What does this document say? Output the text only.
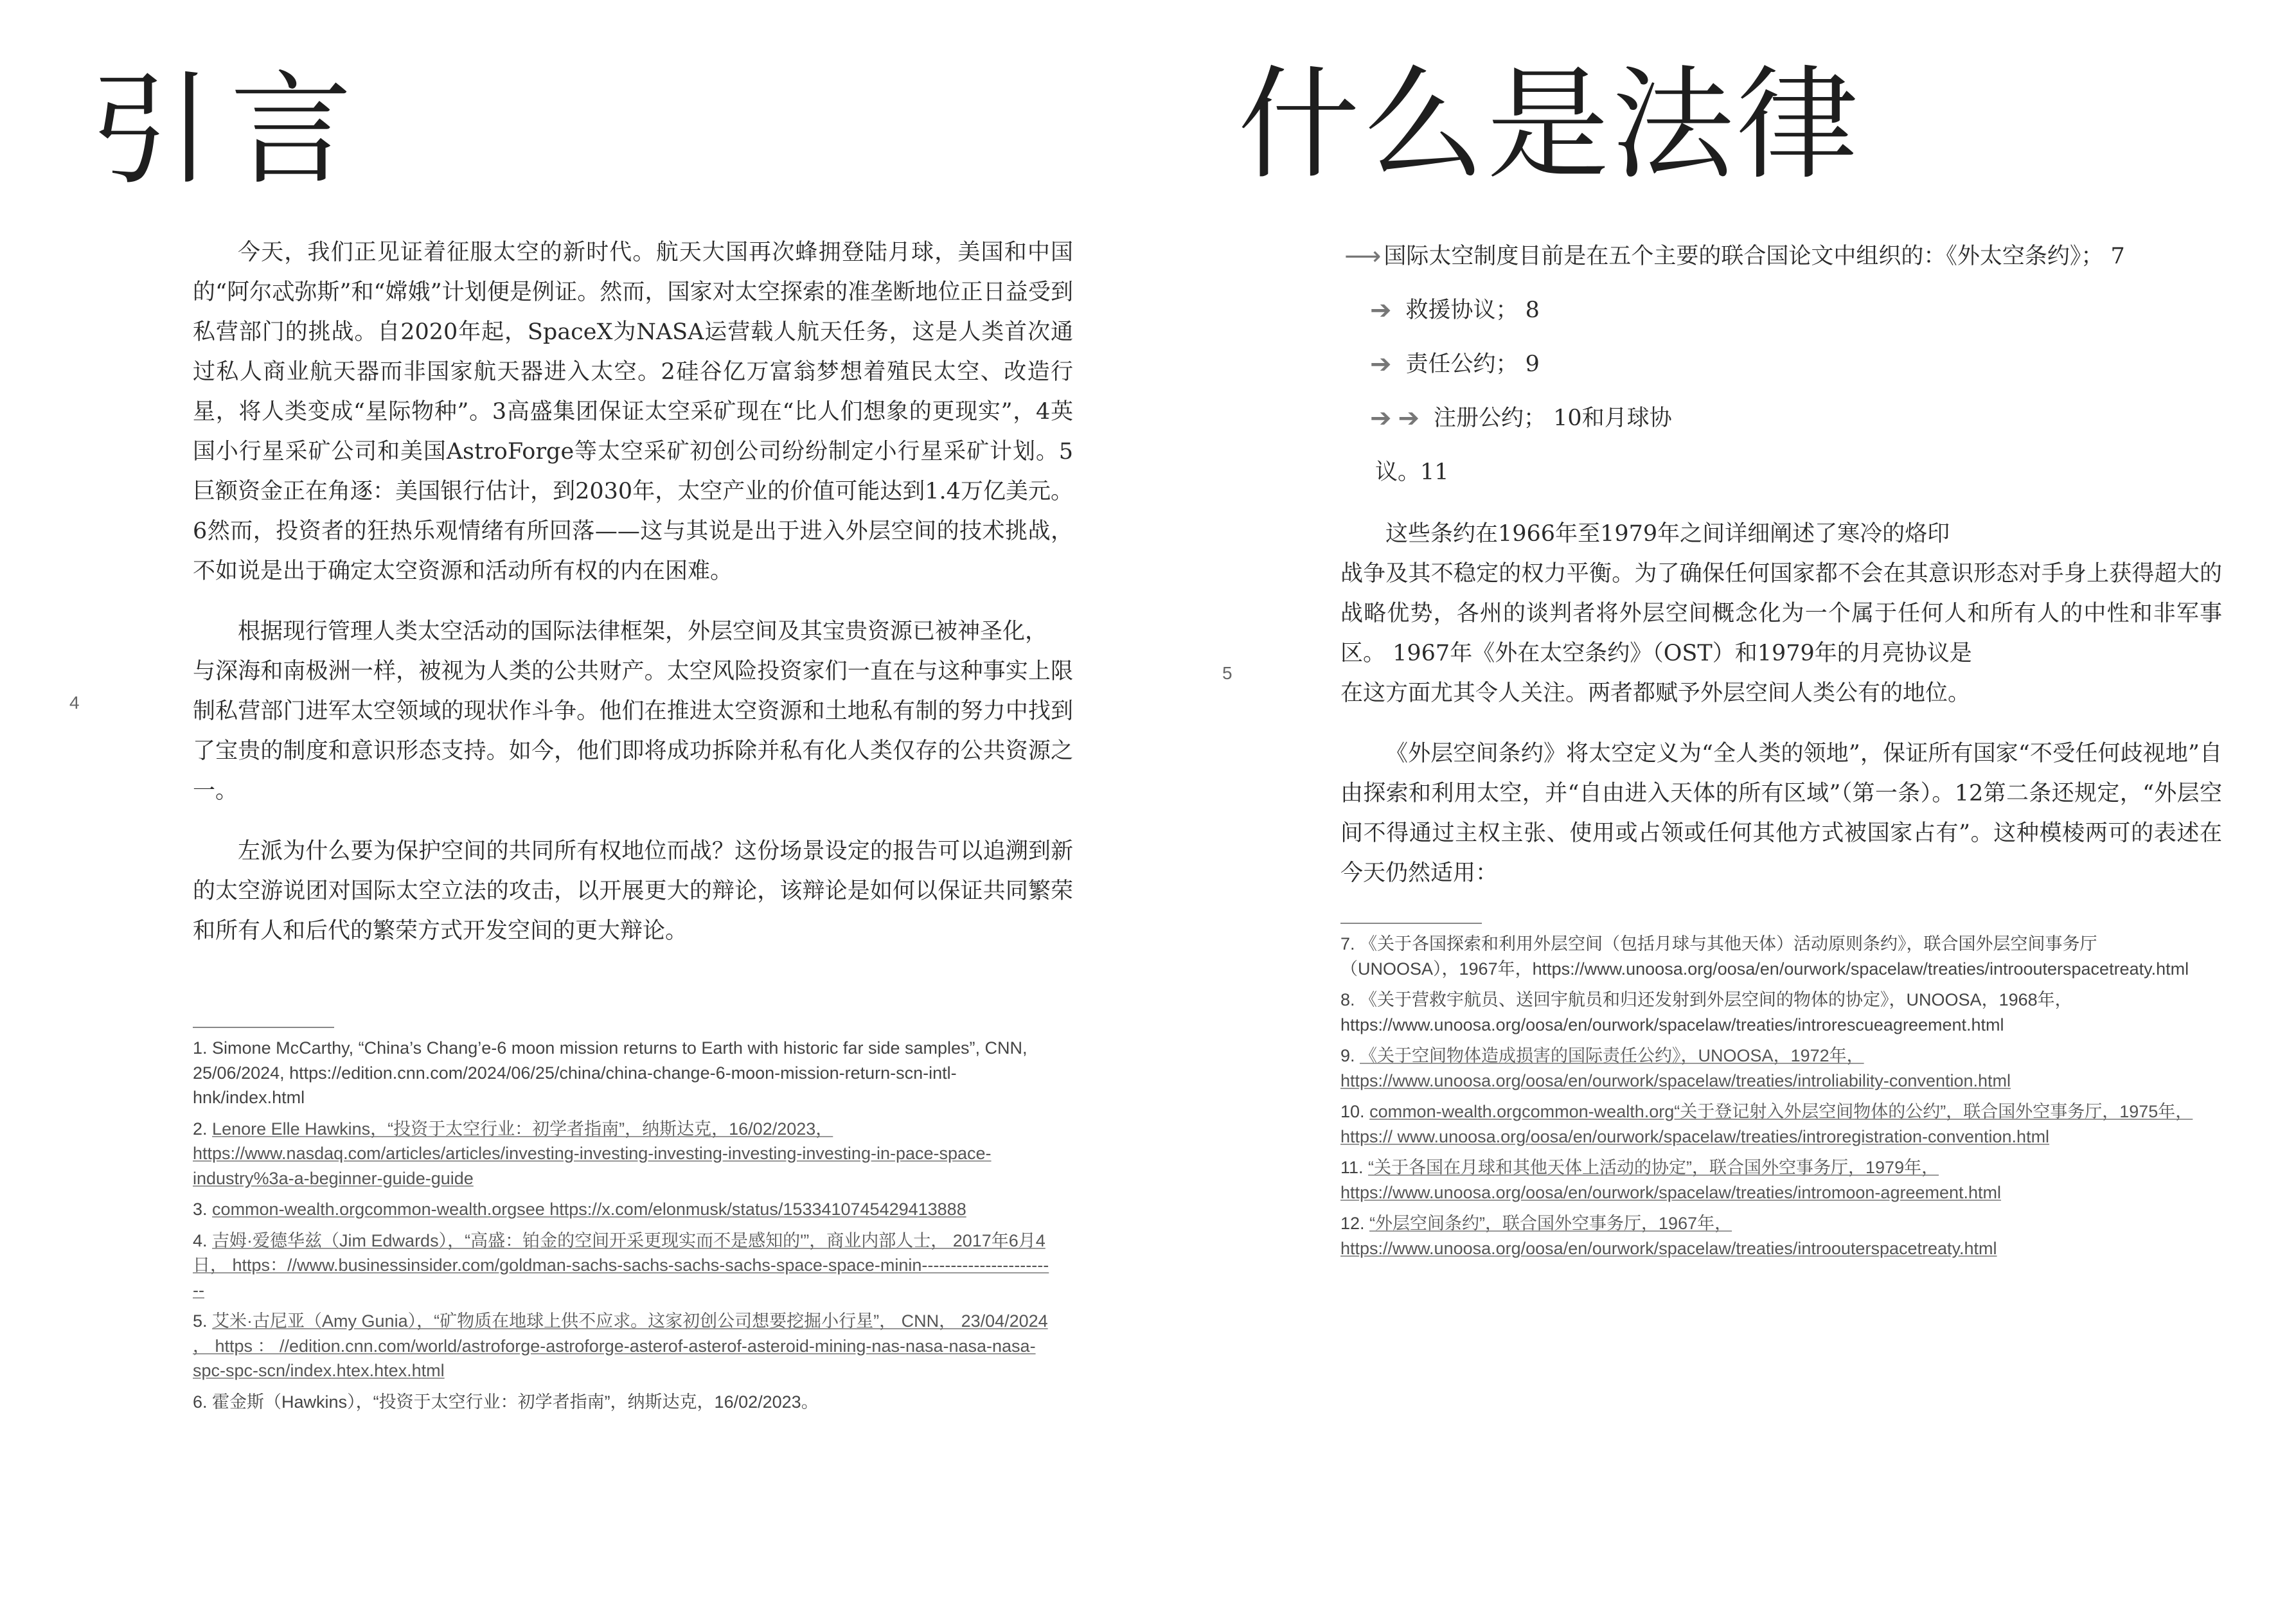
引言
4

今天，我们正见证着征服太空的新时代。航天大国再次蜂拥登陆月球，美国和中国的“阿尔忒弥斯”和“嫦娥”计划便是例证。然而，国家对太空探索的准垄断地位正日益受到私营部门的挑战。自2020年起，SpaceX为NASA运营载人航天任务，这是人类首次通过私人商业航天器而非国家航天器进入太空。2硅谷亿万富翁梦想着殖民太空、改造行星，将人类变成“星际物种”。3高盛集团保证太空采矿现在“比人们想象的更现实”，4英国小行星采矿公司和美国AstroForge等太空采矿初创公司纷纷制定小行星采矿计划。5巨额资金正在角逐：美国银行估计，到2030年，太空产业的价值可能达到1.4万亿美元。6然而，投资者的狂热乐观情绪有所回落——这与其说是出于进入外层空间的技术挑战，不如说是出于确定太空资源和活动所有权的内在困难。

根据现行管理人类太空活动的国际法律框架，外层空间及其宝贵资源已被神圣化，

与深海和南极洲一样，被视为人类的公共财产。太空风险投资家们一直在与这种事实上限制私营部门进军太空领域的现状作斗争。他们在推进太空资源和土地私有制的努力中找到了宝贵的制度和意识形态支持。如今，他们即将成功拆除并私有化人类仅存的公共资源之一。

左派为什么要为保护空间的共同所有权地位而战？这份场景设定的报告可以追溯到新的太空游说团对国际太空立法的攻击，以开展更大的辩论，该辩论是如何以保证共同繁荣和所有人和后代的繁荣方式开发空间的更大辩论。

1. Simone McCarthy, “China’s Chang’e-6 moon mission returns to Earth with historic far side samples”, CNN, 25/06/2024, https://edition.cnn.com/2024/06/25/china/china-change-6-moon-mission-return-scn-intl-hnk/index.html
2. Lenore Elle Hawkins，“投资于太空行业：初学者指南”，纳斯达克，16/02/2023，https://www.nasdaq.com/articles/articles/investing-investing-investing-investing-investing-in-pace-space-industry%3a-a-beginner-guide-guide
3. common-wealth.orgcommon-wealth.orgsee https://x.com/elonmusk/status/1533410745429413888
4. 吉姆·爱德华兹（Jim Edwards），“高盛：铂金的空间开采更现实而不是感知的'”，商业内部人士， 2017年6月4日， https：//www.businessinsider.com/goldman-sachs-sachs-sachs-sachs-space-space-minin------------------------
5. 艾米·古尼亚（Amy Gunia），“矿物质在地球上供不应求。这家初创公司想要挖掘小行星”， CNN， 23/04/2024 ， https ： //edition.cnn.com/world/astroforge-astroforge-asterof-asterof-asteroid-mining-nas-nasa-nasa-nasa-spc-spc-scn/index.htex.htex.html
6. 霍金斯（Hawkins），“投资于太空行业：初学者指南”，纳斯达克，16/02/2023。
什么是法律
5
⟶ 国际太空制度目前是在五个主要的联合国论文中组织的：《外太空条约》； 7
➔ 救援协议； 8
➔ 责任公约； 9
➔ ➔ 注册公约； 10和月球协
议。11

这些条约在1966年至1979年之间详细阐述了寒冷的烙印

战争及其不稳定的权力平衡。为了确保任何国家都不会在其意识形态对手身上获得超大的战略优势，各州的谈判者将外层空间概念化为一个属于任何人和所有人的中性和非军事区。 1967年《外在太空条约》（OST）和1979年的月亮协议是

在这方面尤其令人关注。两者都赋予外层空间人类公有的地位。

《外层空间条约》将太空定义为“全人类的领地”，保证所有国家“不受任何歧视地”自由探索和利用太空，并“自由进入天体的所有区域”（第一条）。12第二条还规定，“外层空间不得通过主权主张、使用或占领或任何其他方式被国家占有”。这种模棱两可的表述在今天仍然适用：

7. 《关于各国探索和利用外层空间（包括月球与其他天体）活动原则条约》，联合国外层空间事务厅（UNOOSA），1967年，https://www.unoosa.org/oosa/en/ourwork/spacelaw/treaties/introouterspacetreaty.html
8. 《关于营救宇航员、送回宇航员和归还发射到外层空间的物体的协定》，UNOOSA，1968年，https://www.unoosa.org/oosa/en/ourwork/spacelaw/treaties/introrescueagreement.html
9. 《关于空间物体造成损害的国际责任公约》，UNOOSA，1972年，https://www.unoosa.org/oosa/en/ourwork/spacelaw/treaties/introliability-convention.html
10. common-wealth.orgcommon-wealth.org“关于登记射入外层空间物体的公约”，联合国外空事务厅，1975年，https:// www.unoosa.org/oosa/en/ourwork/spacelaw/treaties/introregistration-convention.html
11. “关于各国在月球和其他天体上活动的协定”，联合国外空事务厅，1979年，https://www.unoosa.org/oosa/en/ourwork/spacelaw/treaties/intromoon-agreement.html
12. “外层空间条约”，联合国外空事务厅，1967年，https://www.unoosa.org/oosa/en/ourwork/spacelaw/treaties/introouterspacetreaty.html
